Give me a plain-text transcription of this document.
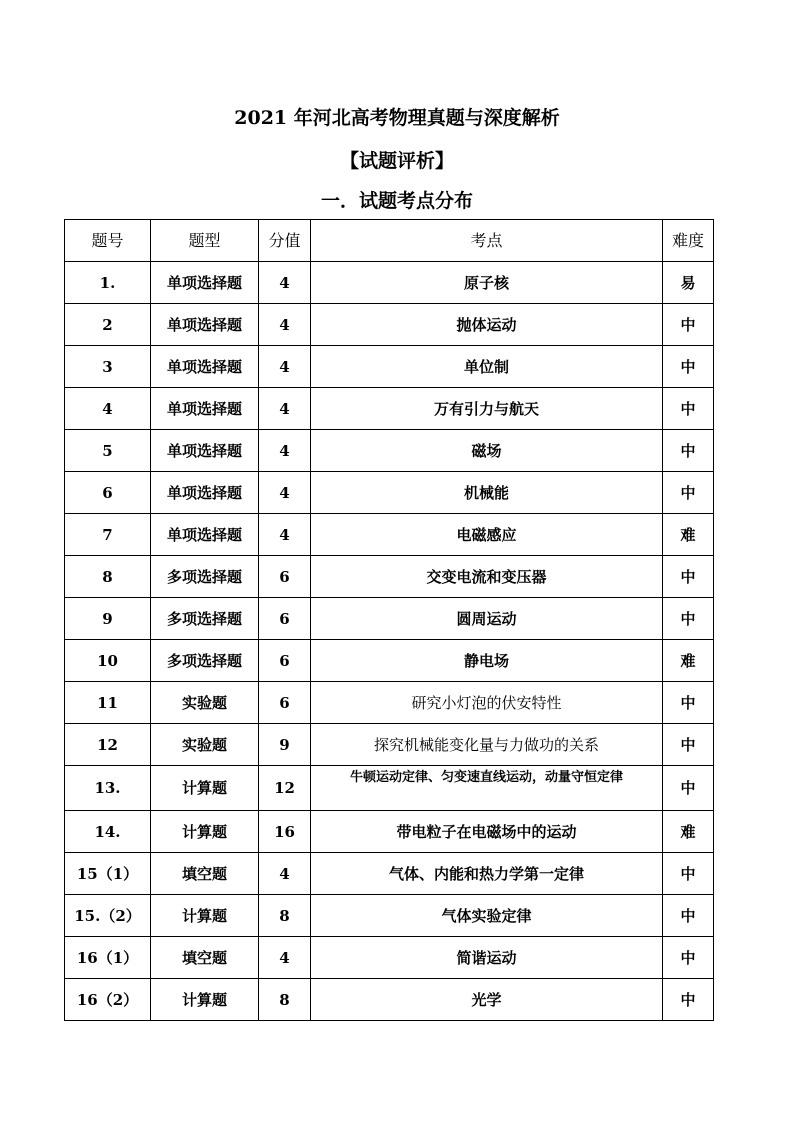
2021 年河北高考物理真题与深度解析
【试题评析】
一．试题考点分布
题号	题型	分值	考点	难度
1.	单项选择题	4	原子核	易
2	单项选择题	4	抛体运动	中
3	单项选择题	4	单位制	中
4	单项选择题	4	万有引力与航天	中
5	单项选择题	4	磁场	中
6	单项选择题	4	机械能	中
7	单项选择题	4	电磁感应	难
8	多项选择题	6	交变电流和变压器	中
9	多项选择题	6	圆周运动	中
10	多项选择题	6	静电场	难
11	实验题	6	研究小灯泡的伏安特性	中
12	实验题	9	探究机械能变化量与力做功的关系	中
13.	计算题	12	牛顿运动定律、匀变速直线运动，动量守恒定律	中
14.	计算题	16	带电粒子在电磁场中的运动	难
15（1）	填空题	4	气体、内能和热力学第一定律	中
15.（2）	计算题	8	气体实验定律	中
16（1）	填空题	4	简谐运动	中
16（2）	计算题	8	光学	中
